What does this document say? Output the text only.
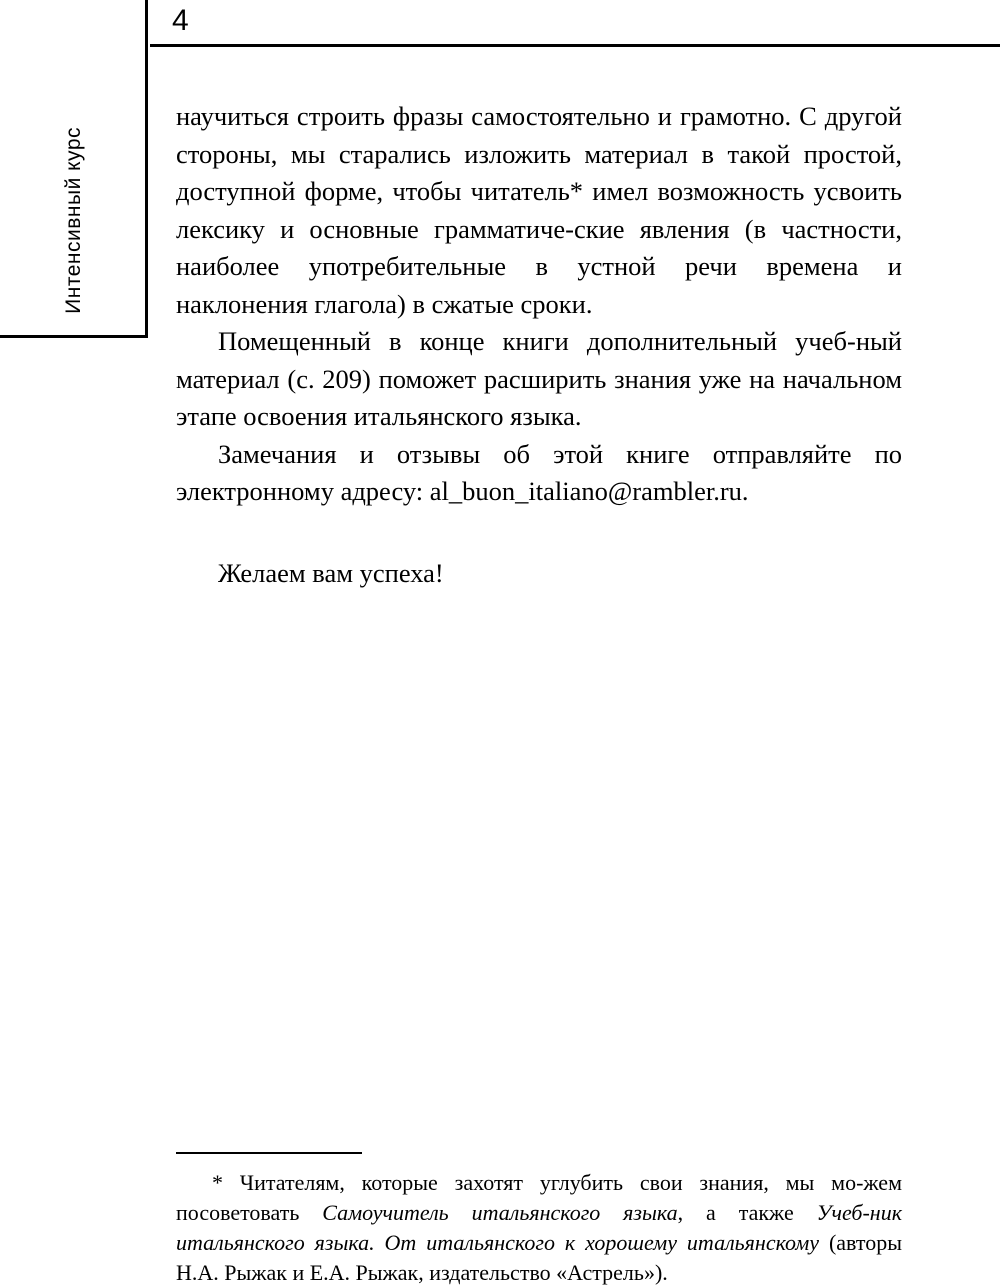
Интенсивный курс
4

научиться строить фразы самостоятельно и грамотно. С другой стороны, мы старались изложить материал в такой простой, доступной форме, чтобы читатель* имел возможность усвоить лексику и основные грамматиче-ские явления (в частности, наиболее употребительные в устной речи времена и наклонения глагола) в сжатые сроки.

Помещенный в конце книги дополнительный учеб-ный материал (с. 209) поможет расширить знания уже на начальном этапе освоения итальянского языка.

Замечания и отзывы об этой книге отправляйте по электронному адресу: al_buon_italiano@rambler.ru.

Желаем вам успеха!

* Читателям, которые захотят углубить свои знания, мы мо-жем посоветовать Самоучитель итальянского языка, а также Учеб-ник итальянского языка. От итальянского к хорошему итальянскому (авторы Н.А. Рыжак и Е.А. Рыжак, издательство «Астрель»).
